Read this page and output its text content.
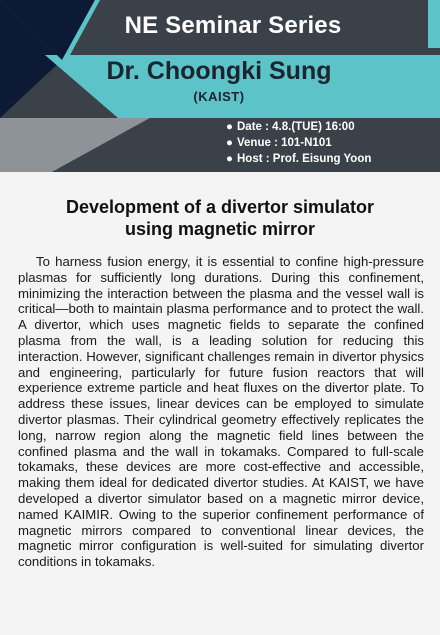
NE Seminar Series
Dr. Choongki Sung
(KAIST)
● Date : 4.8.(TUE) 16:00
● Venue : 101-N101
● Host : Prof. Eisung Yoon
Development of a divertor simulator
using magnetic mirror

To harness fusion energy, it is essential to confine high-pressure plasmas for sufficiently long durations. During this confinement, minimizing the interaction between the plasma and the vessel wall is critical—both to maintain plasma performance and to protect the wall. A divertor, which uses magnetic fields to separate the confined plasma from the wall, is a leading solution for reducing this interaction. However, significant challenges remain in divertor physics and engineering, particularly for future fusion reactors that will experience extreme particle and heat fluxes on the divertor plate. To address these issues, linear devices can be employed to simulate divertor plasmas. Their cylindrical geometry effectively replicates the long, narrow region along the magnetic field lines between the confined plasma and the wall in tokamaks. Compared to full-scale tokamaks, these devices are more cost-effective and accessible, making them ideal for dedicated divertor studies. At KAIST, we have developed a divertor simulator based on a magnetic mirror device, named KAIMIR. Owing to the superior confinement performance of magnetic mirrors compared to conventional linear devices, the magnetic mirror configuration is well-suited for simulating divertor conditions in tokamaks.
